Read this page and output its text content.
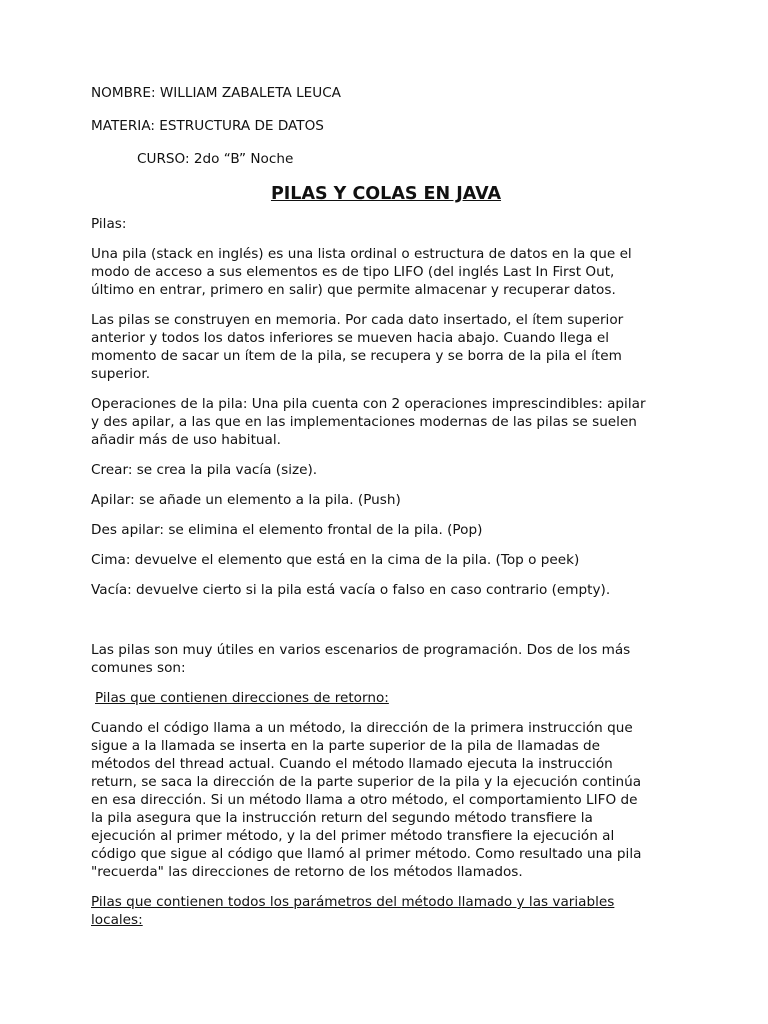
NOMBRE: WILLIAM ZABALETA LEUCA

MATERIA: ESTRUCTURA DE DATOS

CURSO: 2do “B” Noche

PILAS Y COLAS EN JAVA

Pilas:

Una pila (stack en inglés) es una lista ordinal o estructura de datos en la que el

modo de acceso a sus elementos es de tipo LIFO (del inglés Last In First Out,

último en entrar, primero en salir) que permite almacenar y recuperar datos.

Las pilas se construyen en memoria. Por cada dato insertado, el ítem superior

anterior y todos los datos inferiores se mueven hacia abajo. Cuando llega el

momento de sacar un ítem de la pila, se recupera y se borra de la pila el ítem

superior.

Operaciones de la pila: Una pila cuenta con 2 operaciones imprescindibles: apilar

y des apilar, a las que en las implementaciones modernas de las pilas se suelen

añadir más de uso habitual.

Crear: se crea la pila vacía (size).

Apilar: se añade un elemento a la pila. (Push)

Des apilar: se elimina el elemento frontal de la pila. (Pop)

Cima: devuelve el elemento que está en la cima de la pila. (Top o peek)

Vacía: devuelve cierto si la pila está vacía o falso en caso contrario (empty).

Las pilas son muy útiles en varios escenarios de programación. Dos de los más

comunes son:

Pilas que contienen direcciones de retorno:

Cuando el código llama a un método, la dirección de la primera instrucción que

sigue a la llamada se inserta en la parte superior de la pila de llamadas de

métodos del thread actual. Cuando el método llamado ejecuta la instrucción

return, se saca la dirección de la parte superior de la pila y la ejecución continúa

en esa dirección. Si un método llama a otro método, el comportamiento LIFO de

la pila asegura que la instrucción return del segundo método transfiere la

ejecución al primer método, y la del primer método transfiere la ejecución al

código que sigue al código que llamó al primer método. Como resultado una pila

"recuerda" las direcciones de retorno de los métodos llamados.

Pilas que contienen todos los parámetros del método llamado y las variables

locales:
